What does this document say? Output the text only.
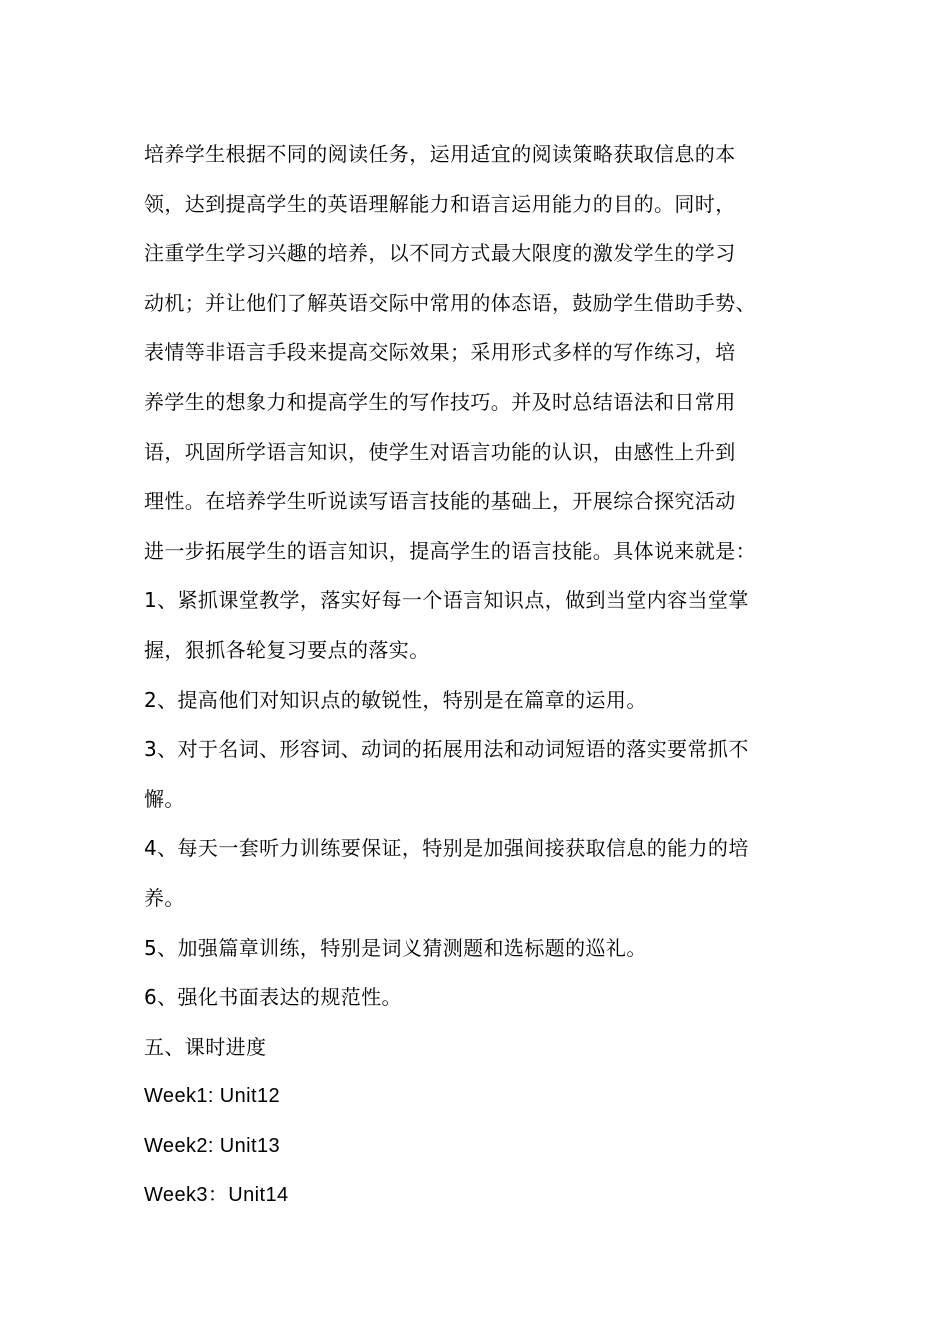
培养学生根据不同的阅读任务，运用适宜的阅读策略获取信息的本
领，达到提高学生的英语理解能力和语言运用能力的目的。同时，
注重学生学习兴趣的培养，以不同方式最大限度的激发学生的学习
动机；并让他们了解英语交际中常用的体态语，鼓励学生借助手势、
表情等非语言手段来提高交际效果；采用形式多样的写作练习，培
养学生的想象力和提高学生的写作技巧。并及时总结语法和日常用
语，巩固所学语言知识，使学生对语言功能的认识，由感性上升到
理性。在培养学生听说读写语言技能的基础上，开展综合探究活动
进一步拓展学生的语言知识，提高学生的语言技能。具体说来就是：
1、紧抓课堂教学，落实好每一个语言知识点，做到当堂内容当堂掌
握，狠抓各轮复习要点的落实。
2、提高他们对知识点的敏锐性，特别是在篇章的运用。
3、对于名词、形容词、动词的拓展用法和动词短语的落实要常抓不
懈。
4、每天一套听力训练要保证，特别是加强间接获取信息的能力的培
养。
5、加强篇章训练，特别是词义猜测题和选标题的巡礼。
6、强化书面表达的规范性。
五、课时进度
Week1: Unit12
Week2: Unit13
Week3：Unit14
